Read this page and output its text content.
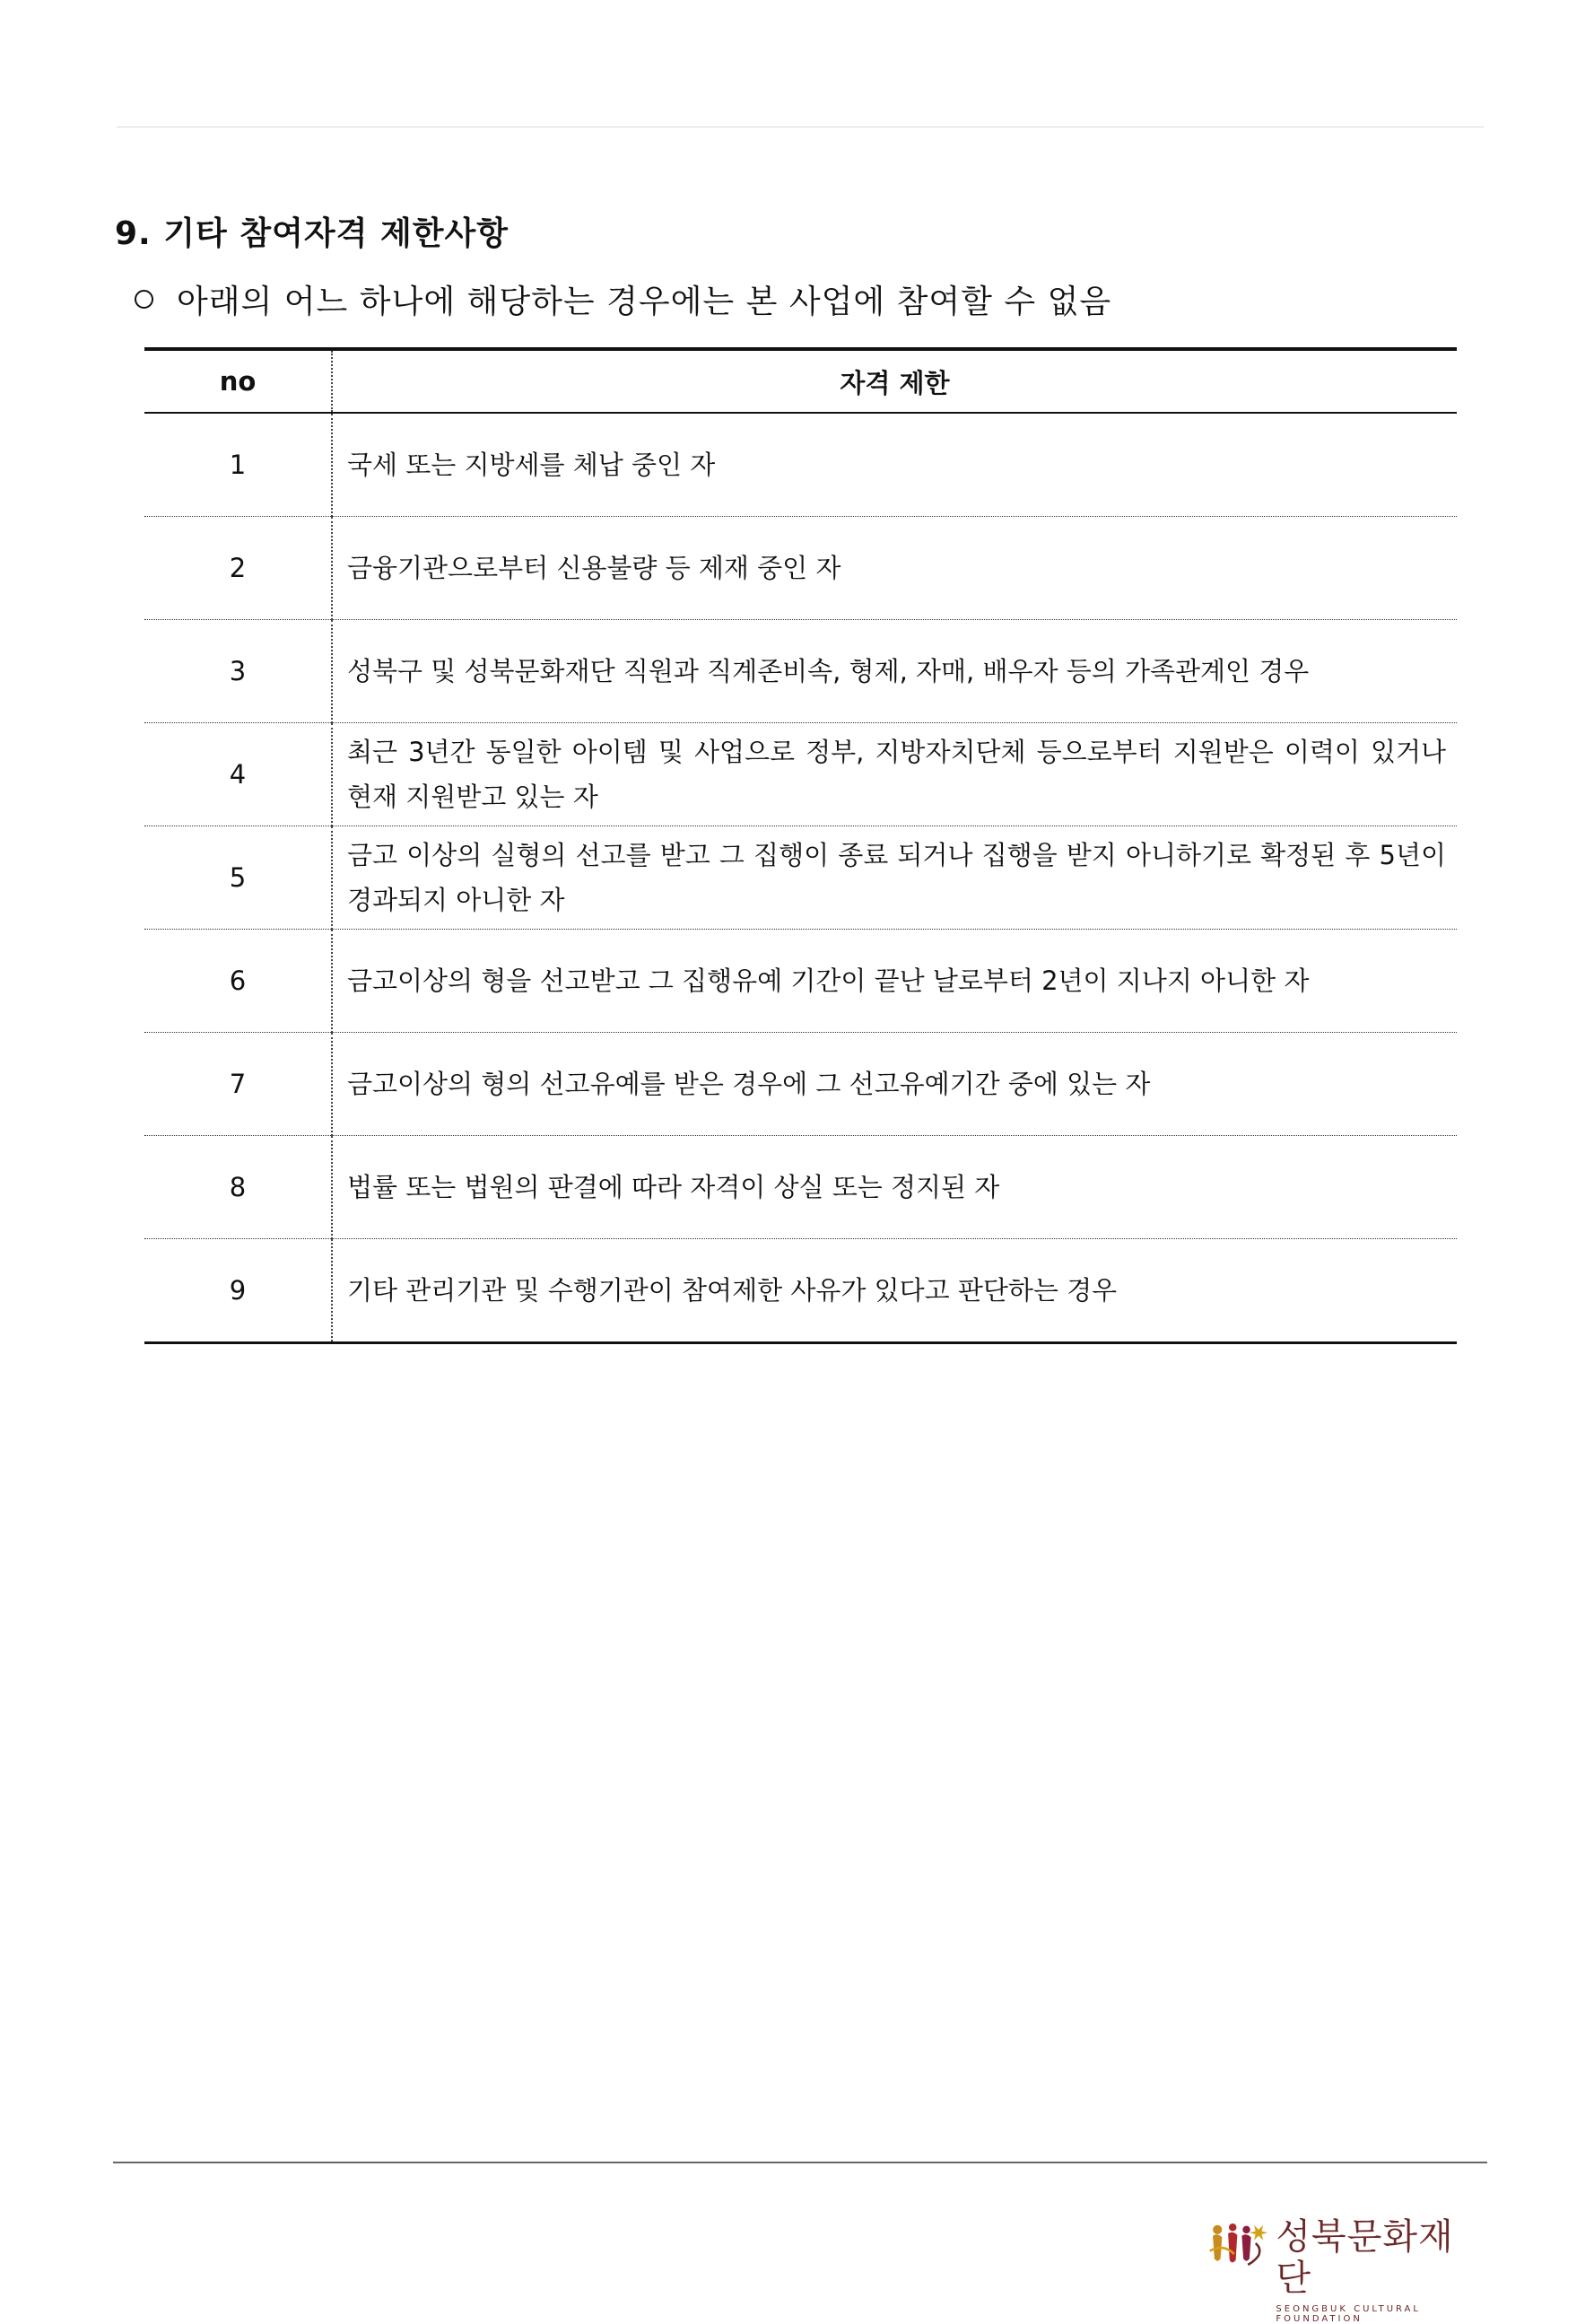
9. 기타 참여자격 제한사항

아래의 어느 하나에 해당하는 경우에는 본 사업에 참여할 수 없음

no	자격 제한
1	국세 또는 지방세를 체납 중인 자
2	금융기관으로부터 신용불량 등 제재 중인 자
3	성북구 및 성북문화재단 직원과 직계존비속, 형제, 자매, 배우자 등의 가족관계인 경우
4	최근 3년간 동일한 아이템 및 사업으로 정부, 지방자치단체 등으로부터 지원받은 이력이 있거나 현재 지원받고 있는 자
5	금고 이상의 실형의 선고를 받고 그 집행이 종료 되거나 집행을 받지 아니하기로 확정된 후 5년이 경과되지 아니한 자
6	금고이상의 형을 선고받고 그 집행유예 기간이 끝난 날로부터 2년이 지나지 아니한 자
7	금고이상의 형의 선고유예를 받은 경우에 그 선고유예기간 중에 있는 자
8	법률 또는 법원의 판결에 따라 자격이 상실 또는 정지된 자
9	기타 관리기관 및 수행기관이 참여제한 사유가 있다고 판단하는 경우
성북문화재단
SEONGBUK CULTURAL FOUNDATION
